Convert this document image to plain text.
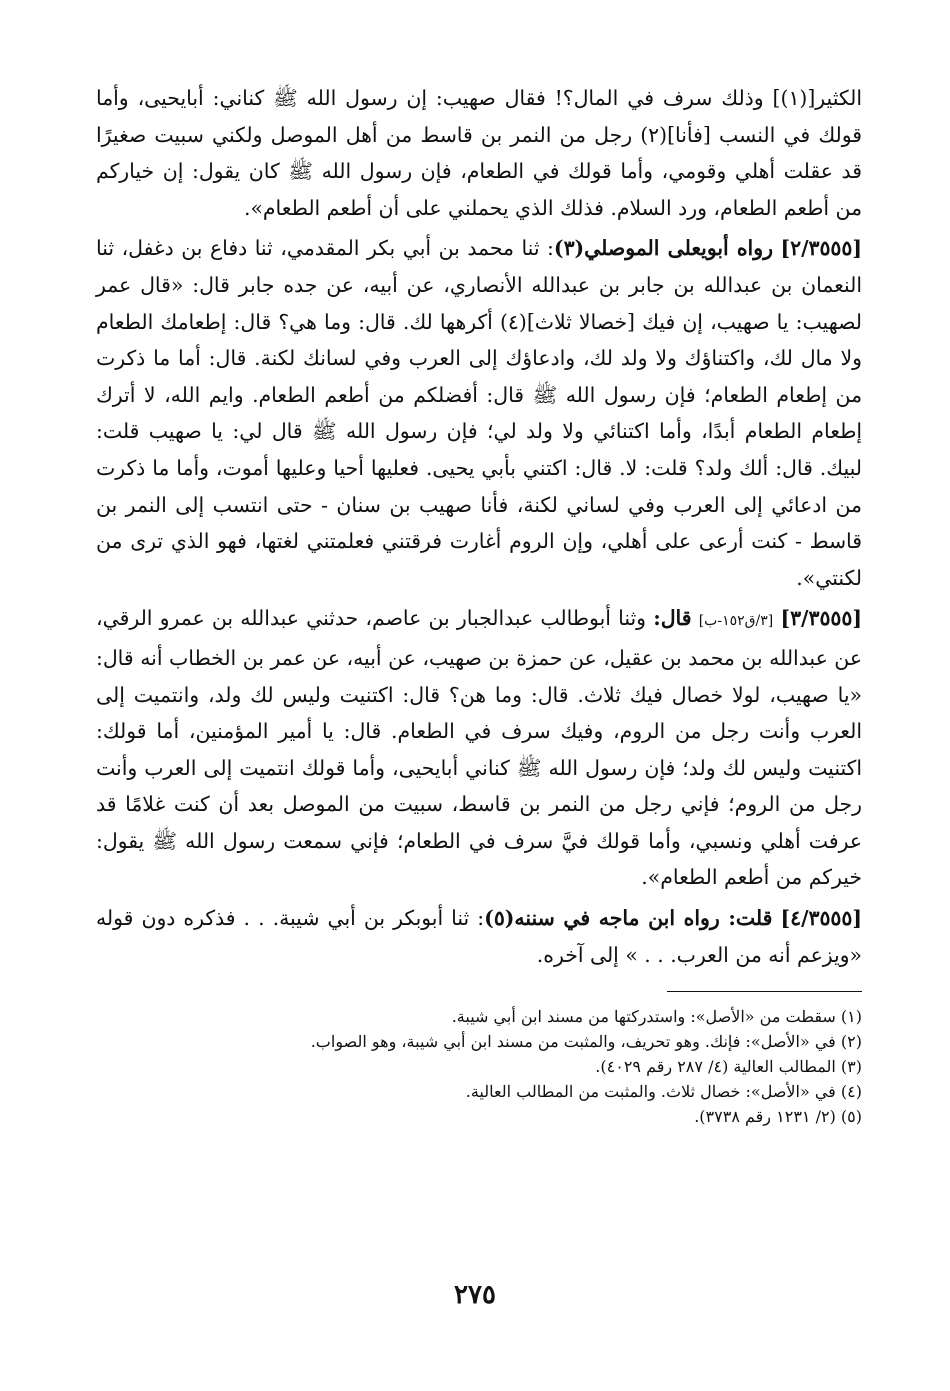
الكثير[(١)] وذلك سرف في المال؟! فقال صهيب: إن رسول الله ﷺ كناني: أبايحيى، وأما قولك في النسب [فأنا](٢) رجل من النمر بن قاسط من أهل الموصل ولكني سبيت صغيرًا قد عقلت أهلي وقومي، وأما قولك في الطعام، فإن رسول الله ﷺ كان يقول: إن خياركم من أطعم الطعام، ورد السلام. فذلك الذي يحملني على أن أطعم الطعام».

[٢/٣٥٥٥] رواه أبويعلى الموصلي(٣): ثنا محمد بن أبي بكر المقدمي، ثنا دفاع بن دغفل، ثنا النعمان بن عبدالله بن جابر بن عبدالله الأنصاري، عن أبيه، عن جده جابر قال: «قال عمر لصهيب: يا صهيب، إن فيك [خصالا ثلاث](٤) أكرهها لك. قال: وما هي؟ قال: إطعامك الطعام ولا مال لك، واكتناؤك ولا ولد لك، وادعاؤك إلى العرب وفي لسانك لكنة. قال: أما ما ذكرت من إطعام الطعام؛ فإن رسول الله ﷺ قال: أفضلكم من أطعم الطعام. وايم الله، لا أترك إطعام الطعام أبدًا، وأما اكتنائي ولا ولد لي؛ فإن رسول الله ﷺ قال لي: يا صهيب قلت: لبيك. قال: ألك ولد؟ قلت: لا. قال: اكتني بأبي يحيى. فعليها أحيا وعليها أموت، وأما ما ذكرت من ادعائي إلى العرب وفي لساني لكنة، فأنا صهيب بن سنان - حتى انتسب إلى النمر بن قاسط - كنت أرعى على أهلي، وإن الروم أغارت فرقتني فعلمتني لغتها، فهو الذي ترى من لكنتي».

[٣/٣٥٥٥] [٣/ق١٥٢-ب] قال: وثنا أبوطالب عبدالجبار بن عاصم، حدثني عبدالله بن عمرو الرقي، عن عبدالله بن محمد بن عقيل، عن حمزة بن صهيب، عن أبيه، عن عمر بن الخطاب أنه قال: «يا صهيب، لولا خصال فيك ثلاث. قال: وما هن؟ قال: اكتنيت وليس لك ولد، وانتميت إلى العرب وأنت رجل من الروم، وفيك سرف في الطعام. قال: يا أمير المؤمنين، أما قولك: اكتنيت وليس لك ولد؛ فإن رسول الله ﷺ كناني أبايحيى، وأما قولك انتميت إلى العرب وأنت رجل من الروم؛ فإني رجل من النمر بن قاسط، سبيت من الموصل بعد أن كنت غلامًا قد عرفت أهلي ونسبي، وأما قولك فيَّ سرف في الطعام؛ فإني سمعت رسول الله ﷺ يقول: خيركم من أطعم الطعام».

[٤/٣٥٥٥] قلت: رواه ابن ماجه في سننه(٥): ثنا أبوبكر بن أبي شيبة. . . فذكره دون قوله «ويزعم أنه من العرب. . . » إلى آخره.

(١) سقطت من «الأصل»: واستدركتها من مسند ابن أبي شيبة.

(٢) في «الأصل»: فإنك. وهو تحريف، والمثبت من مسند ابن أبي شيبة، وهو الصواب.

(٣) المطالب العالية (٤/ ٢٨٧ رقم ٤٠٢٩).

(٤) في «الأصل»: خصال ثلاث. والمثبت من المطالب العالية.

(٥) (٢/ ١٢٣١ رقم ٣٧٣٨).

٢٧٥
